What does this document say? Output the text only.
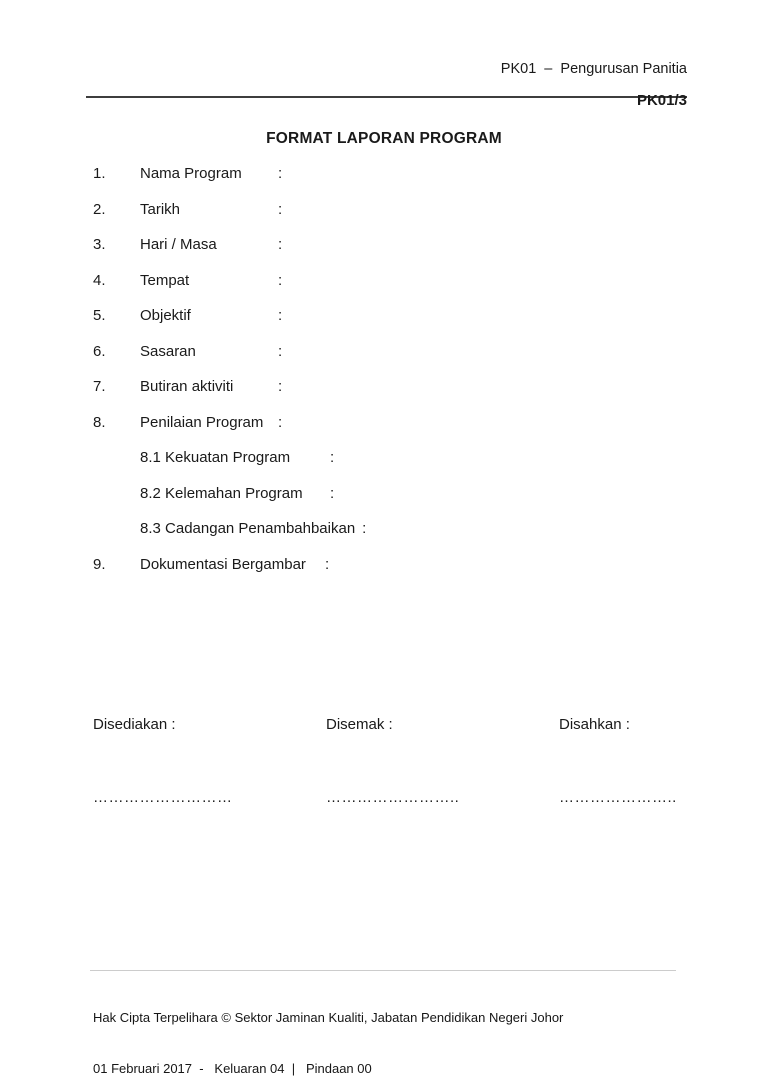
PK01  –  Pengurusan Panitia

PK01/3
FORMAT LAPORAN PROGRAM
1.	Nama Program	:
2.	Tarikh	:
3.	Hari / Masa	:
4.	Tempat	:
5.	Objektif	:
6.	Sasaran	:
7.	Butiran aktiviti	:
8.	Penilaian Program :
8.1 Kekuatan Program	:
8.2 Kelemahan Program	:
8.3 Cadangan Penambahbaikan :
9.	Dokumentasi Bergambar	:
Disediakan :	Disemak :	Disahkan :
………………………	……………………..	…………………..

Hak Cipta Terpelihara © Sektor Jaminan Kualiti, Jabatan Pendidikan Negeri Johor

01 Februari 2017  -   Keluaran 04  |   Pindaan 00
